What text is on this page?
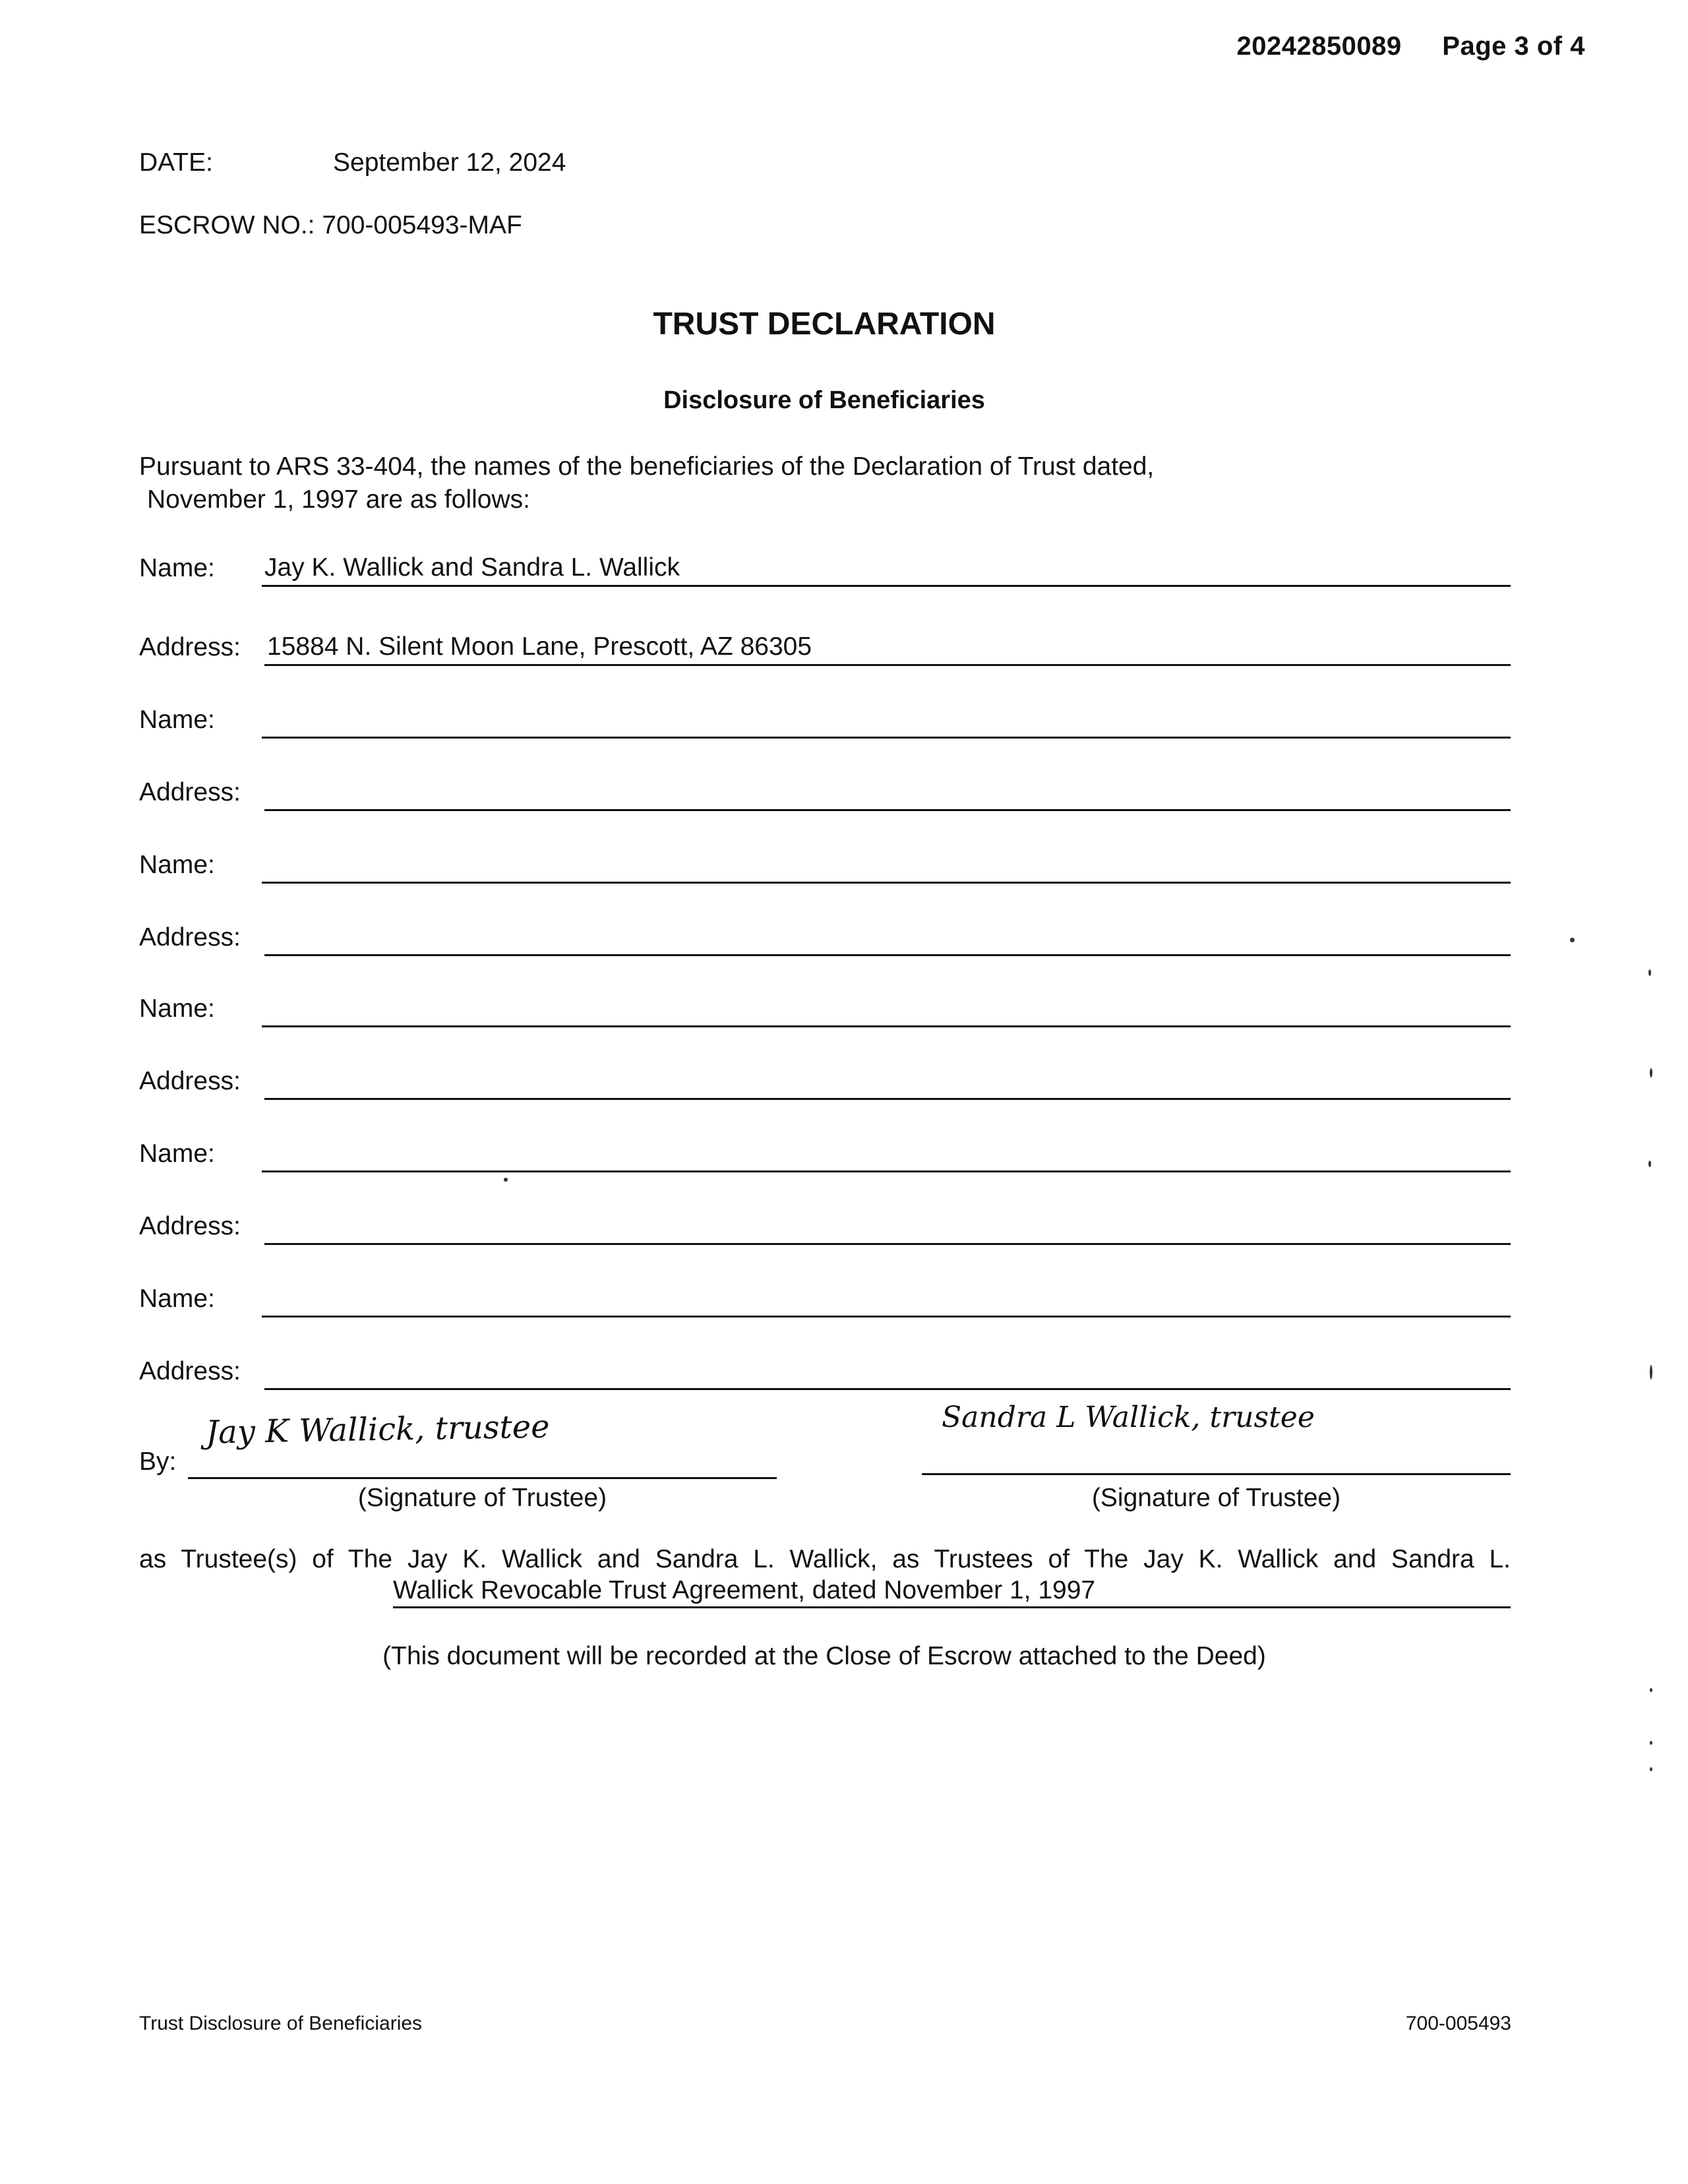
20242850089 Page 3 of 4
DATE:	September 12, 2024
ESCROW NO.: 700-005493-MAF
TRUST DECLARATION
Disclosure of Beneficiaries
Pursuant to ARS 33-404, the names of the beneficiaries of the Declaration of Trust dated,
November 1, 1997 are as follows:
Name: Jay K. Wallick and Sandra L. Wallick
Address: 15884 N. Silent Moon Lane, Prescott, AZ 86305
Name:
Address:
Name:
Address:
Name:
Address:
Name:
Address:
Name:
Address:
By:
Jay K Wallick, trustee
(Signature of Trustee)
Sandra L Wallick, trustee
(Signature of Trustee)
as Trustee(s) of The Jay K. Wallick and Sandra L. Wallick, as Trustees of The Jay K. Wallick and Sandra L.
Wallick Revocable Trust Agreement, dated November 1, 1997
(This document will be recorded at the Close of Escrow attached to the Deed)
Trust Disclosure of Beneficiaries	700-005493
